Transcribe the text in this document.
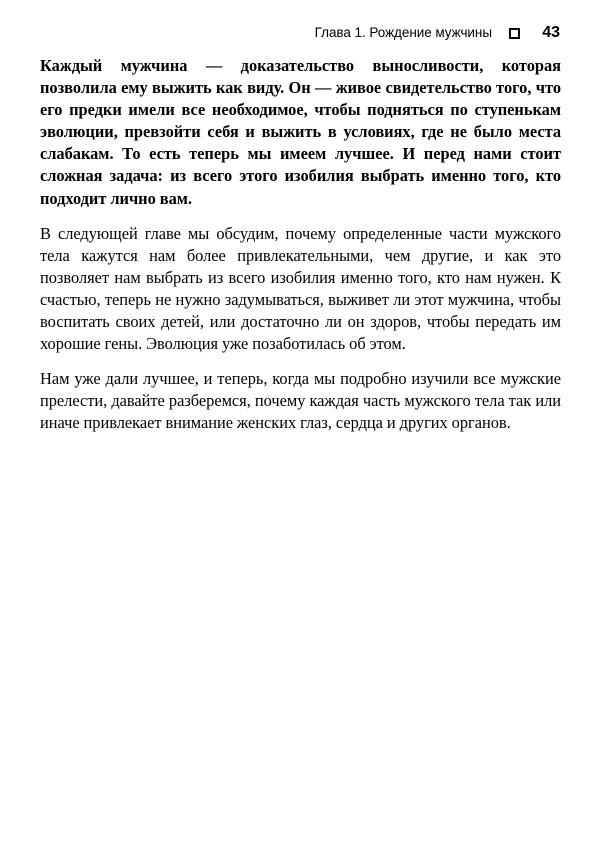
Глава 1. Рождение мужчины	43

Каждый мужчина — доказательство выносливости, которая позволила ему выжить как виду. Он — живое свидетельство того, что его предки имели все необходимое, чтобы подняться по ступенькам эволюции, превзойти себя и выжить в условиях, где не было места слабакам. То есть теперь мы имеем лучшее. И перед нами стоит сложная задача: из всего этого изобилия выбрать именно того, кто подходит лично вам.

В следующей главе мы обсудим, почему определенные части мужского тела кажутся нам более привлекательными, чем другие, и как это позволяет нам выбрать из всего изобилия именно того, кто нам нужен. К счастью, теперь не нужно задумываться, выживет ли этот мужчина, чтобы воспитать своих детей, или достаточно ли он здоров, чтобы передать им хорошие гены. Эволюция уже позаботилась об этом.

Нам уже дали лучшее, и теперь, когда мы подробно изучили все мужские прелести, давайте разберемся, почему каждая часть мужского тела так или иначе привлекает внимание женских глаз, сердца и других органов.
